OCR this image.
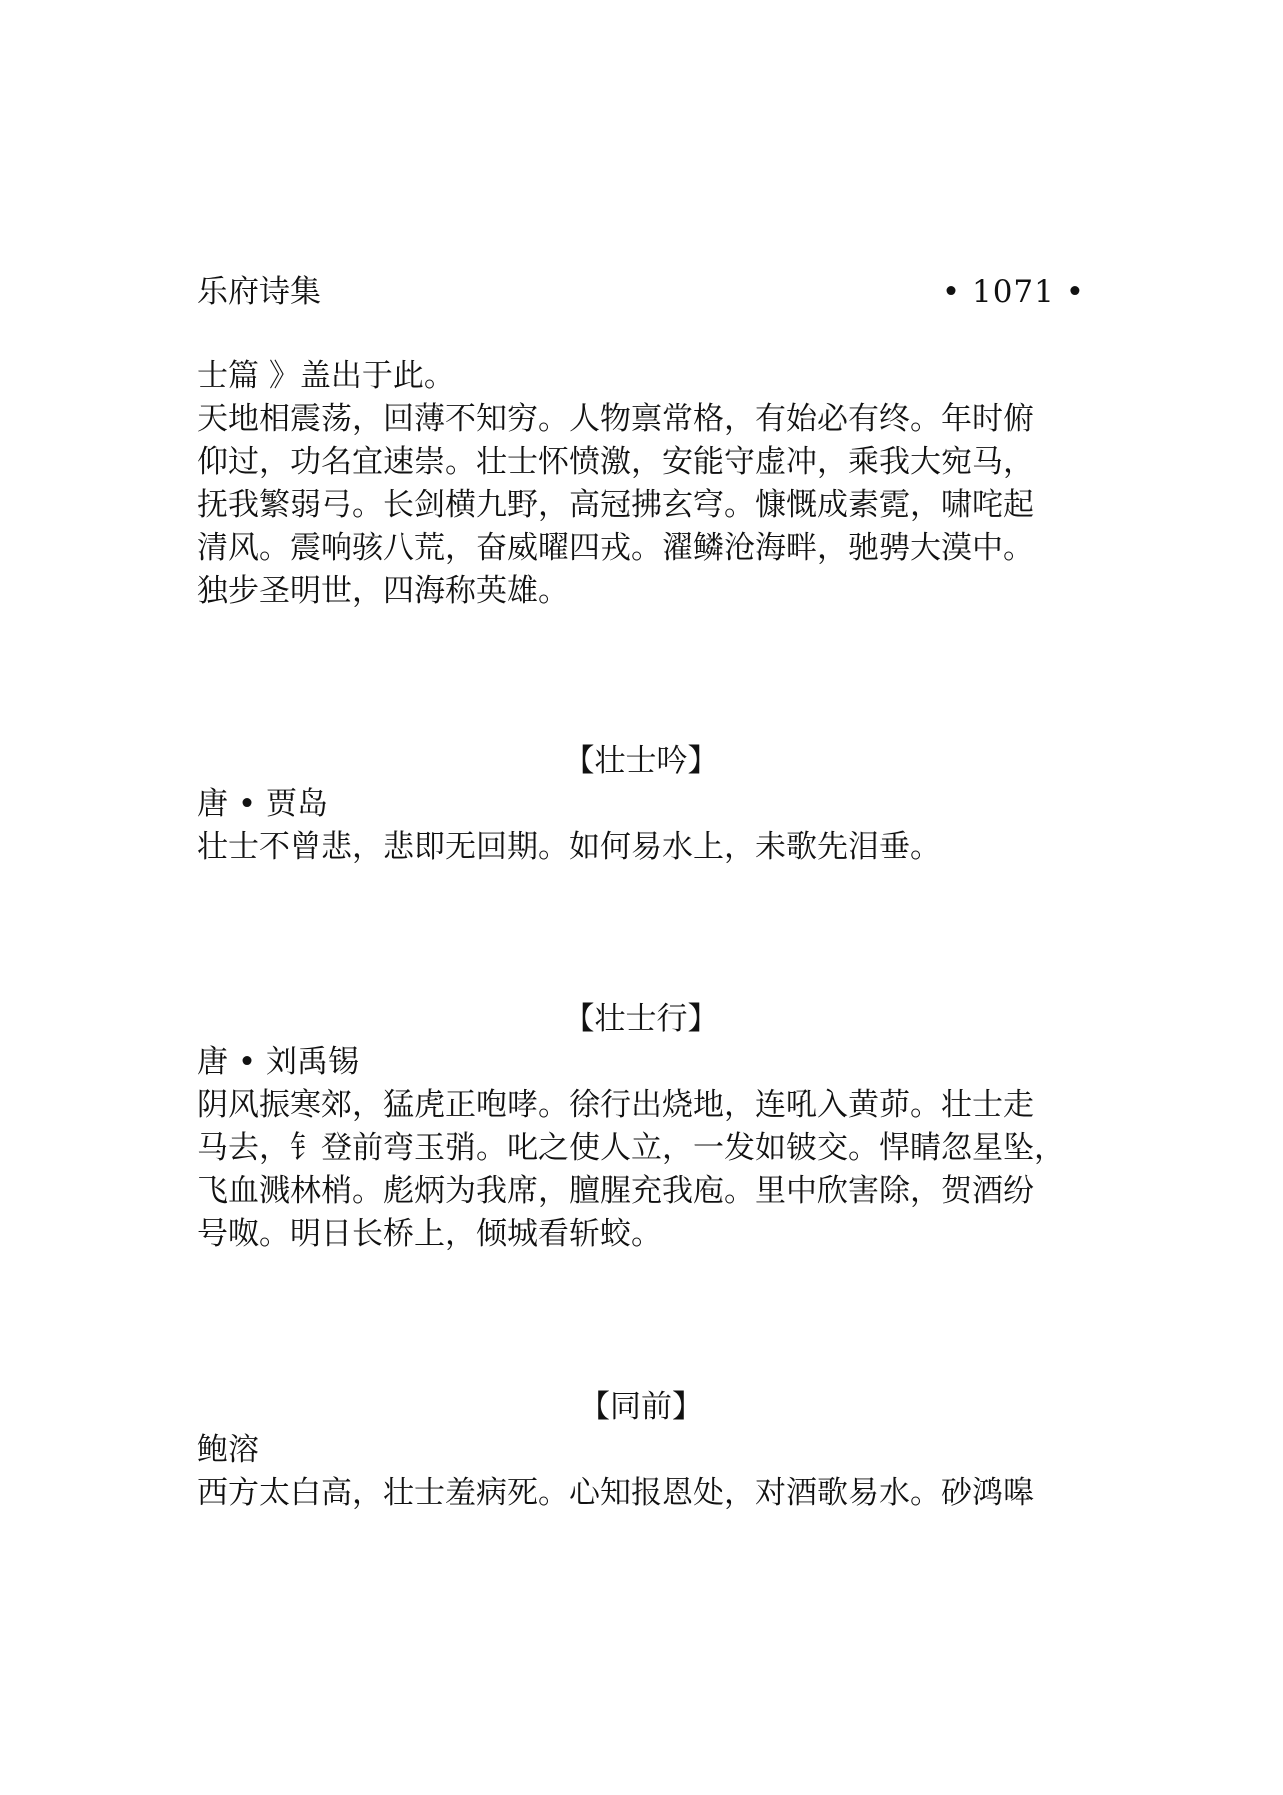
乐府诗集	• 1071 •
士篇 》盖出于此。
天地相震荡，回薄不知穷。人物禀常格，有始必有终。年时俯
仰过，功名宜速崇。壮士怀愤激，安能守虚冲，乘我大宛马，
抚我繁弱弓。长剑横九野，高冠拂玄穹。慷慨成素霓，啸咤起
清风。震响骇八荒，奋威曜四戎。濯鳞沧海畔，驰骋大漠中。
独步圣明世，四海称英雄。
【壮士吟】
唐 • 贾岛
壮士不曾悲，悲即无回期。如何易水上，未歌先泪垂。
【壮士行】
唐 • 刘禹锡
阴风振寒郊，猛虎正咆哮。徐行出烧地，连吼入黄茆。壮士走
马去，钅登前弯玉弰。叱之使人立，一发如铍交。悍睛忽星坠，
飞血溅林梢。彪炳为我席，膻腥充我庖。里中欣害除，贺酒纷
号呶。明日长桥上，倾城看斩蛟。
【同前】
鲍溶
西方太白高，壮士羞病死。心知报恩处，对酒歌易水。砂鸿嗥
